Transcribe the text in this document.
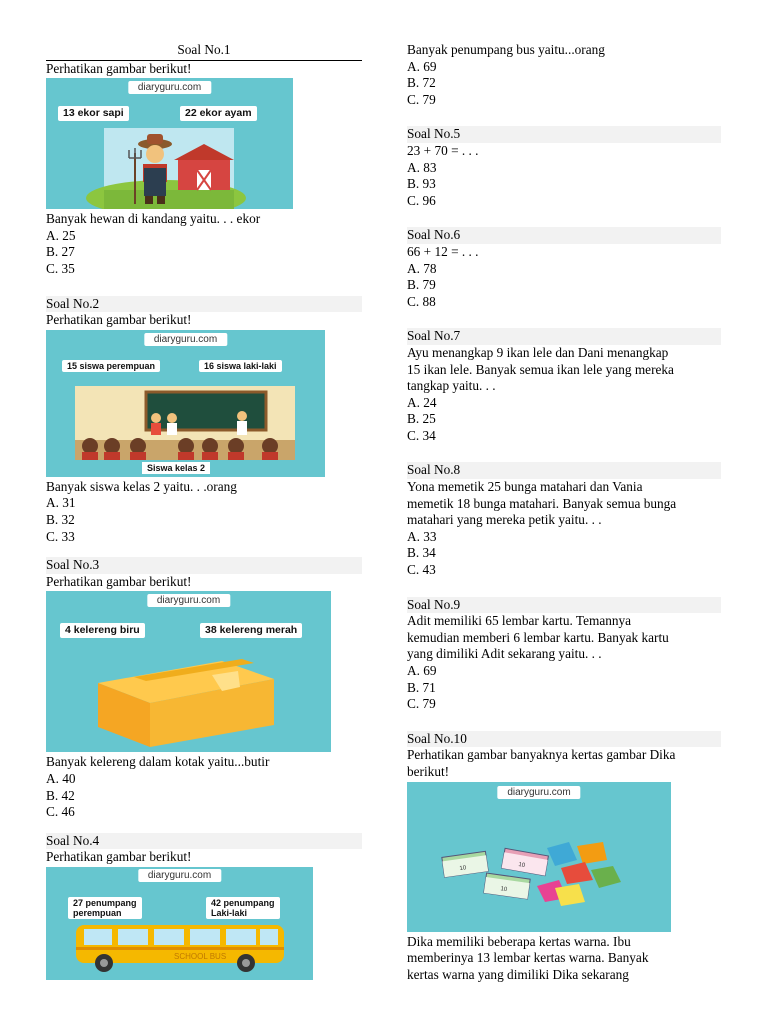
Soal No.1
Perhatikan gambar berikut!
diaryguru.com
13 ekor sapi	22 ekor ayam
Banyak hewan di kandang yaitu. . . ekor
A. 25
B. 27
C. 35
Soal No.2
Perhatikan gambar berikut!
diaryguru.com
15 siswa perempuan	16 siswa laki-laki
Siswa kelas 2
Banyak siswa kelas 2 yaitu. . .orang
A. 31
B. 32
C. 33
Soal No.3
Perhatikan gambar berikut!
diaryguru.com
4 kelereng biru	38 kelereng merah
Banyak kelereng dalam kotak yaitu...butir
A. 40
B. 42
C. 46
Soal No.4
Perhatikan gambar berikut!
diaryguru.com
27 penumpang
perempuan
42 penumpang
Laki-laki
SCHOOL BUS
Banyak penumpang bus yaitu...orang
A. 69
B. 72
C. 79
Soal No.5
23 + 70 = . . .
A. 83
B. 93
C. 96
Soal No.6
66 + 12 = . . .
A. 78
B. 79
C. 88
Soal No.7
Ayu menangkap 9 ikan lele dan Dani menangkap
15 ikan lele. Banyak semua ikan lele yang mereka
tangkap yaitu. . .
A. 24
B. 25
C. 34
Soal No.8
Yona memetik 25 bunga matahari dan Vania
memetik 18 bunga matahari. Banyak semua bunga
matahari yang mereka petik yaitu. . .
A. 33
B. 34
C. 43
Soal No.9
Adit memiliki 65 lembar kartu. Temannya
kemudian memberi 6 lembar kartu. Banyak kartu
yang dimiliki Adit sekarang yaitu. . .
A. 69
B. 71
C. 79
Soal No.10
Perhatikan gambar banyaknya kertas gambar Dika
berikut!
diaryguru.com
10	10
10
Dika memiliki beberapa kertas warna. Ibu
memberinya 13 lembar kertas warna. Banyak
kertas warna yang dimiliki Dika sekarang
